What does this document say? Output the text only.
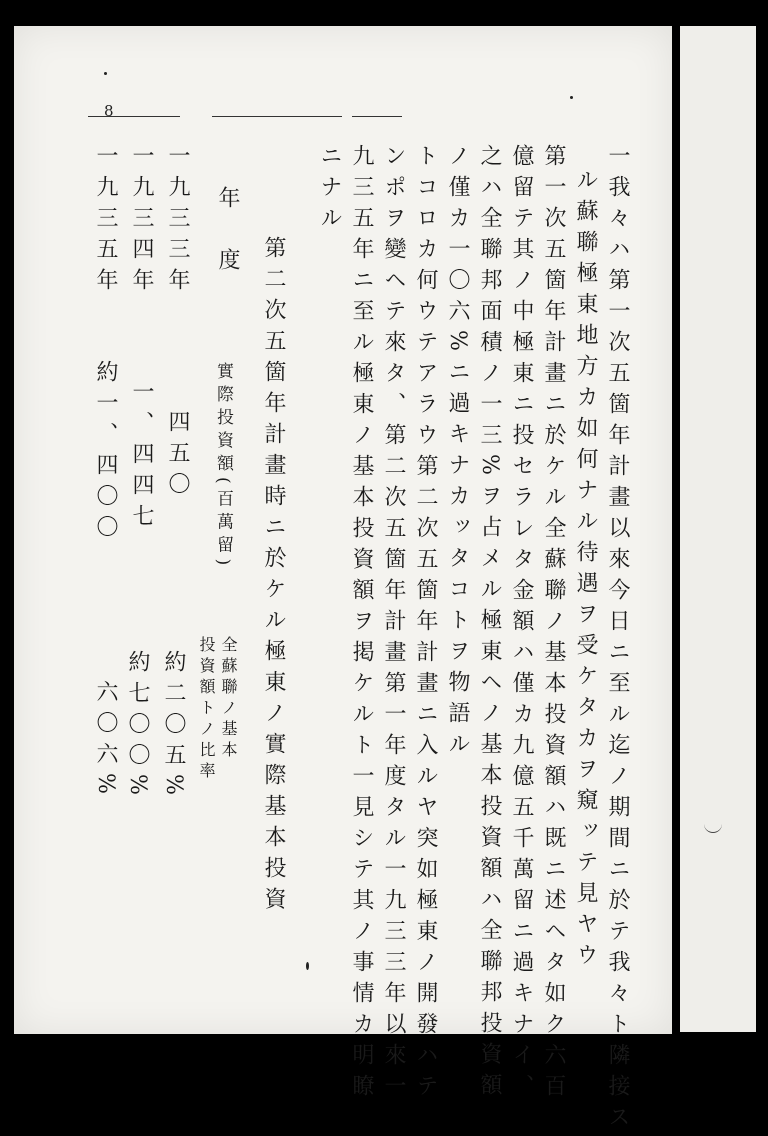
8
一我々ハ第一次五箇年計畫以來今日ニ至ル迄ノ期間ニ於テ我々ト隣接ス
ル蘇聯極東地方カ如何ナル待遇ヲ受ケタカヲ窺ッテ見ヤウ
第一次五箇年計畫ニ於ケル全蘇聯ノ基本投資額ハ既ニ述ヘタ如ク六百
億留テ其ノ中極東ニ投セラレタ金額ハ僅カ九億五千萬留ニ過キナイ、
之ハ全聯邦面積ノ一三%ヲ占メル極東ヘノ基本投資額ハ全聯邦投資額
ノ僅カ一〇六%ニ過キナカッタコトヲ物語ル
トコロカ何ウテアラウ第二次五箇年計畫ニ入ルヤ突如極東ノ開發ハテ
ンポヲ變ヘテ來タ、第二次五箇年計畫第一年度タル一九三三年以來一
九三五年ニ至ル極東ノ基本投資額ヲ掲ケルト一見シテ其ノ事情カ明瞭
ニナル
第二次五箇年計畫時ニ於ケル極東ノ實際基本投資
年　度
實際投資額(百萬留)
全蘇聯ノ基本
投資額トノ比率
一九三三年
四五〇
約二〇五%
一九三四年
一、四四七
約七〇〇%
一九三五年
約一、四〇〇
六〇六%
